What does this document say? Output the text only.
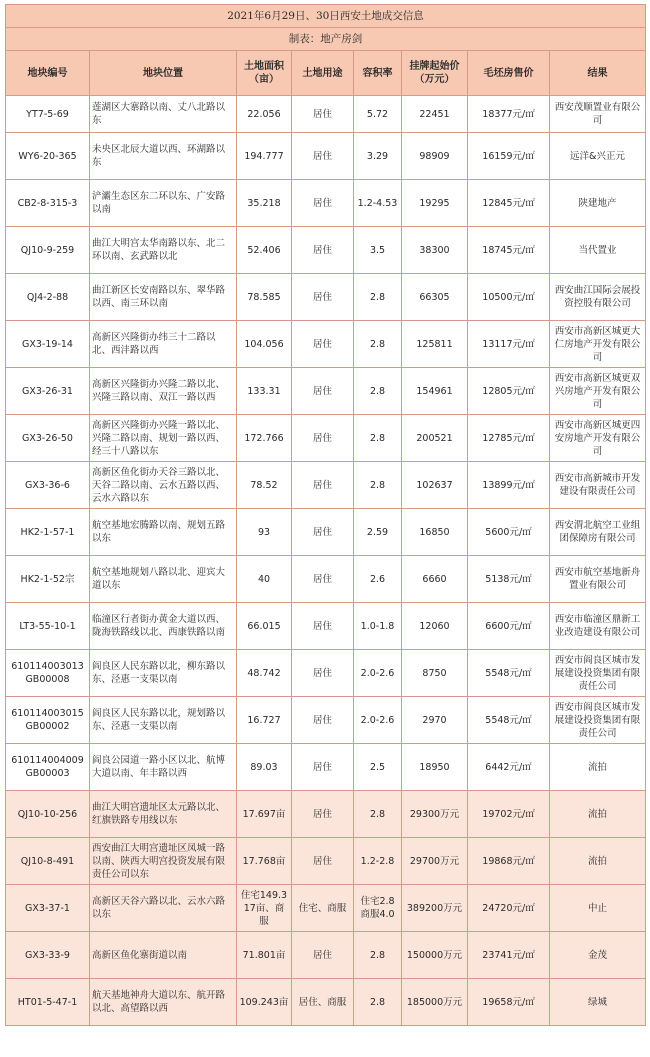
2021年6月29日、30日西安土地成交信息							
制表：地产房剑							
地块编号	地块位置	土地面积（亩）	土地用途	容积率	挂牌起始价（万元）	毛坯房售价	结果
YT7-5-69	莲湖区大寨路以南、丈八北路以东	22.056	居住	5.72	22451	18377元/㎡	西安茂顺置业有限公司
WY6-20-365	未央区北辰大道以西、环湖路以东	194.777	居住	3.29	98909	16159元/㎡	远洋&兴正元
CB2-8-315-3	浐灞生态区东二环以东、广安路以南	35.218	居住	1.2-4.53	19295	12845元/㎡	陕建地产
QJ10-9-259	曲江大明宫太华南路以东、北二环以南、玄武路以北	52.406	居住	3.5	38300	18745元/㎡	当代置业
QJ4-2-88	曲江新区长安南路以东、翠华路以西、南三环以南	78.585	居住	2.8	66305	10500元/㎡	西安曲江国际会展投资控股有限公司
GX3-19-14	高新区兴隆街办纬三十二路以北、西沣路以西	104.056	居住	2.8	125811	13117元/㎡	西安市高新区城更大仁房地产开发有限公司
GX3-26-31	高新区兴隆街办兴隆二路以北、兴隆三路以南、双江一路以西	133.31	居住	2.8	154961	12805元/㎡	西安市高新区城更双兴房地产开发有限公司
GX3-26-50	高新区兴隆街办兴隆一路以北、兴隆二路以南、规划一路以西、经三十八路以东	172.766	居住	2.8	200521	12785元/㎡	西安市高新区城更四安房地产开发有限公司
GX3-36-6	高新区鱼化街办天谷三路以北、天谷二路以南、云水五路以西、云水六路以东	78.52	居住	2.8	102637	13899元/㎡	西安市高新城市开发建设有限责任公司
HK2-1-57-1	航空基地宏腾路以南、规划五路以东	93	居住	2.59	16850	5600元/㎡	西安渭北航空工业组团保障房有限公司
HK2-1-52宗	航空基地规划八路以北、迎宾大道以东	40	居住	2.6	6660	5138元/㎡	西安市航空基地新舟置业有限公司
LT3-55-10-1	临潼区行者街办黄金大道以西、陇海铁路线以北、西康铁路以南	66.015	居住	1.0-1.8	12060	6600元/㎡	西安市临潼区鼎新工业改造建设有限公司
610114003013GB00008	阎良区人民东路以北，柳东路以东、泾惠一支渠以南	48.742	居住	2.0-2.6	8750	5548元/㎡	西安市阎良区城市发展建设投资集团有限责任公司
610114003015GB00002	阎良区人民东路以北，规划路以东、泾惠一支渠以南	16.727	居住	2.0-2.6	2970	5548元/㎡	西安市阎良区城市发展建设投资集团有限责任公司
610114004009GB00003	阎良公园道一路小区以北、航博大道以南、年丰路以西	89.03	居住	2.5	18950	6442元/㎡	流拍
QJ10-10-256	曲江大明宫遗址区太元路以北、红旗铁路专用线以东	17.697亩	居住	2.8	29300万元	19702元/㎡	流拍
QJ10-8-491	西安曲江大明宫遗址区凤城一路以南、陕西大明宫投资发展有限责任公司以东	17.768亩	居住	1.2-2.8	29700万元	19868元/㎡	流拍
GX3-37-1	高新区天谷六路以北、云水六路以东	住宅149.317亩、商服	住宅、商服	住宅2.8商服4.0	389200万元	24720元/㎡	中止
GX3-33-9	高新区鱼化寨街道以南	71.801亩	居住	2.8	150000万元	23741元/㎡	金茂
HT01-5-47-1	航天基地神舟大道以东、航开路以北、高望路以西	109.243亩	居住、商服	2.8	185000万元	19658元/㎡	绿城
